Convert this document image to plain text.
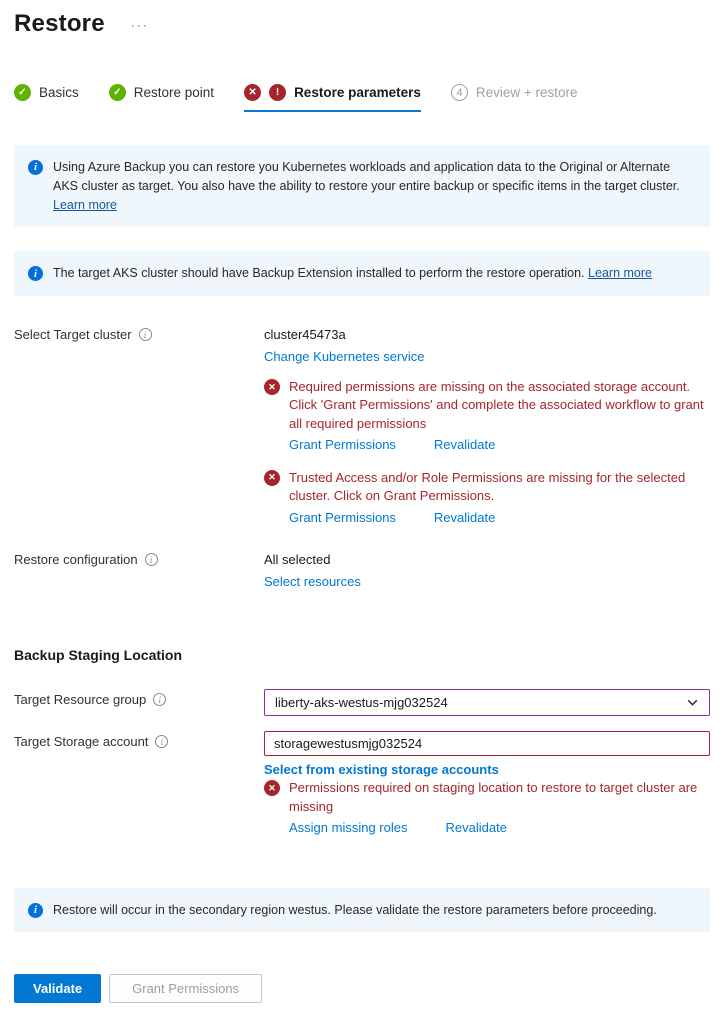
Restore ···
✓ Basics	✓ Restore point	✕	!	Restore parameters	4 Review + restore
i	Using Azure Backup you can restore you Kubernetes workloads and application data to the Original or Alternate AKS cluster as target. You also have the ability to restore your entire backup or specific items in the target cluster. Learn more
i	The target AKS cluster should have Backup Extension installed to perform the restore operation. Learn more
Select Target cluster	i	cluster45473a
Change Kubernetes service
✕	Required permissions are missing on the associated storage account. Click 'Grant Permissions' and complete the associated workflow to grant all required permissions
Grant Permissions	Revalidate
✕	Trusted Access and/or Role Permissions are missing for the selected cluster. Click on Grant Permissions.
Grant Permissions	Revalidate
Restore configuration	i	All selected
Select resources
Backup Staging Location
Target Resource group	i	liberty-aks-westus-mjg032524
Target Storage account	i
storagewestusmjg032524 Select from existing storage accounts
✕	Permissions required on staging location to restore to target cluster are missing
Assign missing roles	Revalidate
i	Restore will occur in the secondary region westus. Please validate the restore parameters before proceeding.
Validate	Grant Permissions
